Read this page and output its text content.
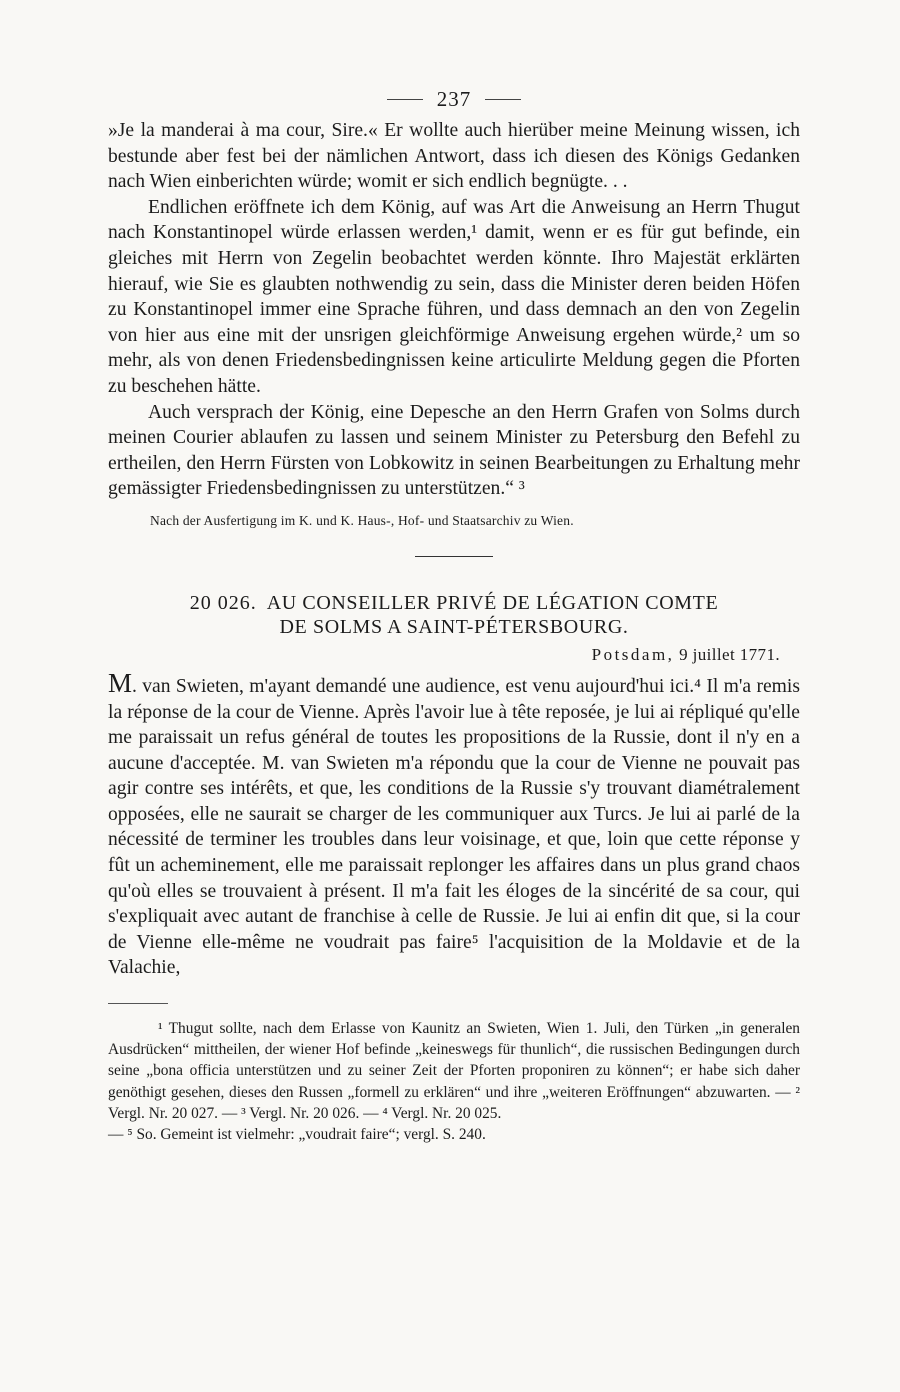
237

»Je la manderai à ma cour, Sire.« Er wollte auch hierüber meine Meinung wissen, ich bestunde aber fest bei der nämlichen Antwort, dass ich diesen des Königs Gedanken nach Wien einberichten würde; womit er sich endlich begnügte. . .

Endlichen eröffnete ich dem König, auf was Art die Anweisung an Herrn Thugut nach Konstantinopel würde erlassen werden,¹ damit, wenn er es für gut befinde, ein gleiches mit Herrn von Zegelin beobachtet werden könnte. Ihro Majestät erklärten hierauf, wie Sie es glaubten nothwendig zu sein, dass die Minister deren beiden Höfen zu Konstantinopel immer eine Sprache führen, und dass demnach an den von Zegelin von hier aus eine mit der unsrigen gleichförmige Anweisung ergehen würde,² um so mehr, als von denen Friedensbedingnissen keine articulirte Meldung gegen die Pforten zu beschehen hätte.

Auch versprach der König, eine Depesche an den Herrn Grafen von Solms durch meinen Courier ablaufen zu lassen und seinem Minister zu Petersburg den Befehl zu ertheilen, den Herrn Fürsten von Lobkowitz in seinen Bearbeitungen zu Erhaltung mehr gemässigter Friedensbedingnissen zu unterstützen.“ ³

Nach der Ausfertigung im K. und K. Haus-, Hof- und Staatsarchiv zu Wien.

20 026. AU CONSEILLER PRIVÉ DE LÉGATION COMTE

DE SOLMS A SAINT-PÉTERSBOURG.

Potsdam, 9 juillet 1771.

M. van Swieten, m'ayant demandé une audience, est venu aujourd'hui ici.⁴ Il m'a remis la réponse de la cour de Vienne. Après l'avoir lue à tête reposée, je lui ai répliqué qu'elle me paraissait un refus général de toutes les propositions de la Russie, dont il n'y en a aucune d'acceptée. M. van Swieten m'a répondu que la cour de Vienne ne pouvait pas agir contre ses intérêts, et que, les conditions de la Russie s'y trouvant diamétralement opposées, elle ne saurait se charger de les communiquer aux Turcs. Je lui ai parlé de la nécessité de terminer les troubles dans leur voisinage, et que, loin que cette réponse y fût un acheminement, elle me paraissait replonger les affaires dans un plus grand chaos qu'où elles se trouvaient à présent. Il m'a fait les éloges de la sincérité de sa cour, qui s'expliquait avec autant de franchise à celle de Russie. Je lui ai enfin dit que, si la cour de Vienne elle-même ne voudrait pas faire⁵ l'acquisition de la Moldavie et de la Valachie,

¹ Thugut sollte, nach dem Erlasse von Kaunitz an Swieten, Wien 1. Juli, den Türken „in generalen Ausdrücken“ mittheilen, der wiener Hof befinde „keineswegs für thunlich“, die russischen Bedingungen durch seine „bona officia unterstützen und zu seiner Zeit der Pforten proponiren zu können“; er habe sich daher genöthigt gesehen, dieses den Russen „formell zu erklären“ und ihre „weiteren Eröffnungen“ abzuwarten. — ² Vergl. Nr. 20 027. — ³ Vergl. Nr. 20 026. — ⁴ Vergl. Nr. 20 025.

— ⁵ So. Gemeint ist vielmehr: „voudrait faire“; vergl. S. 240.
